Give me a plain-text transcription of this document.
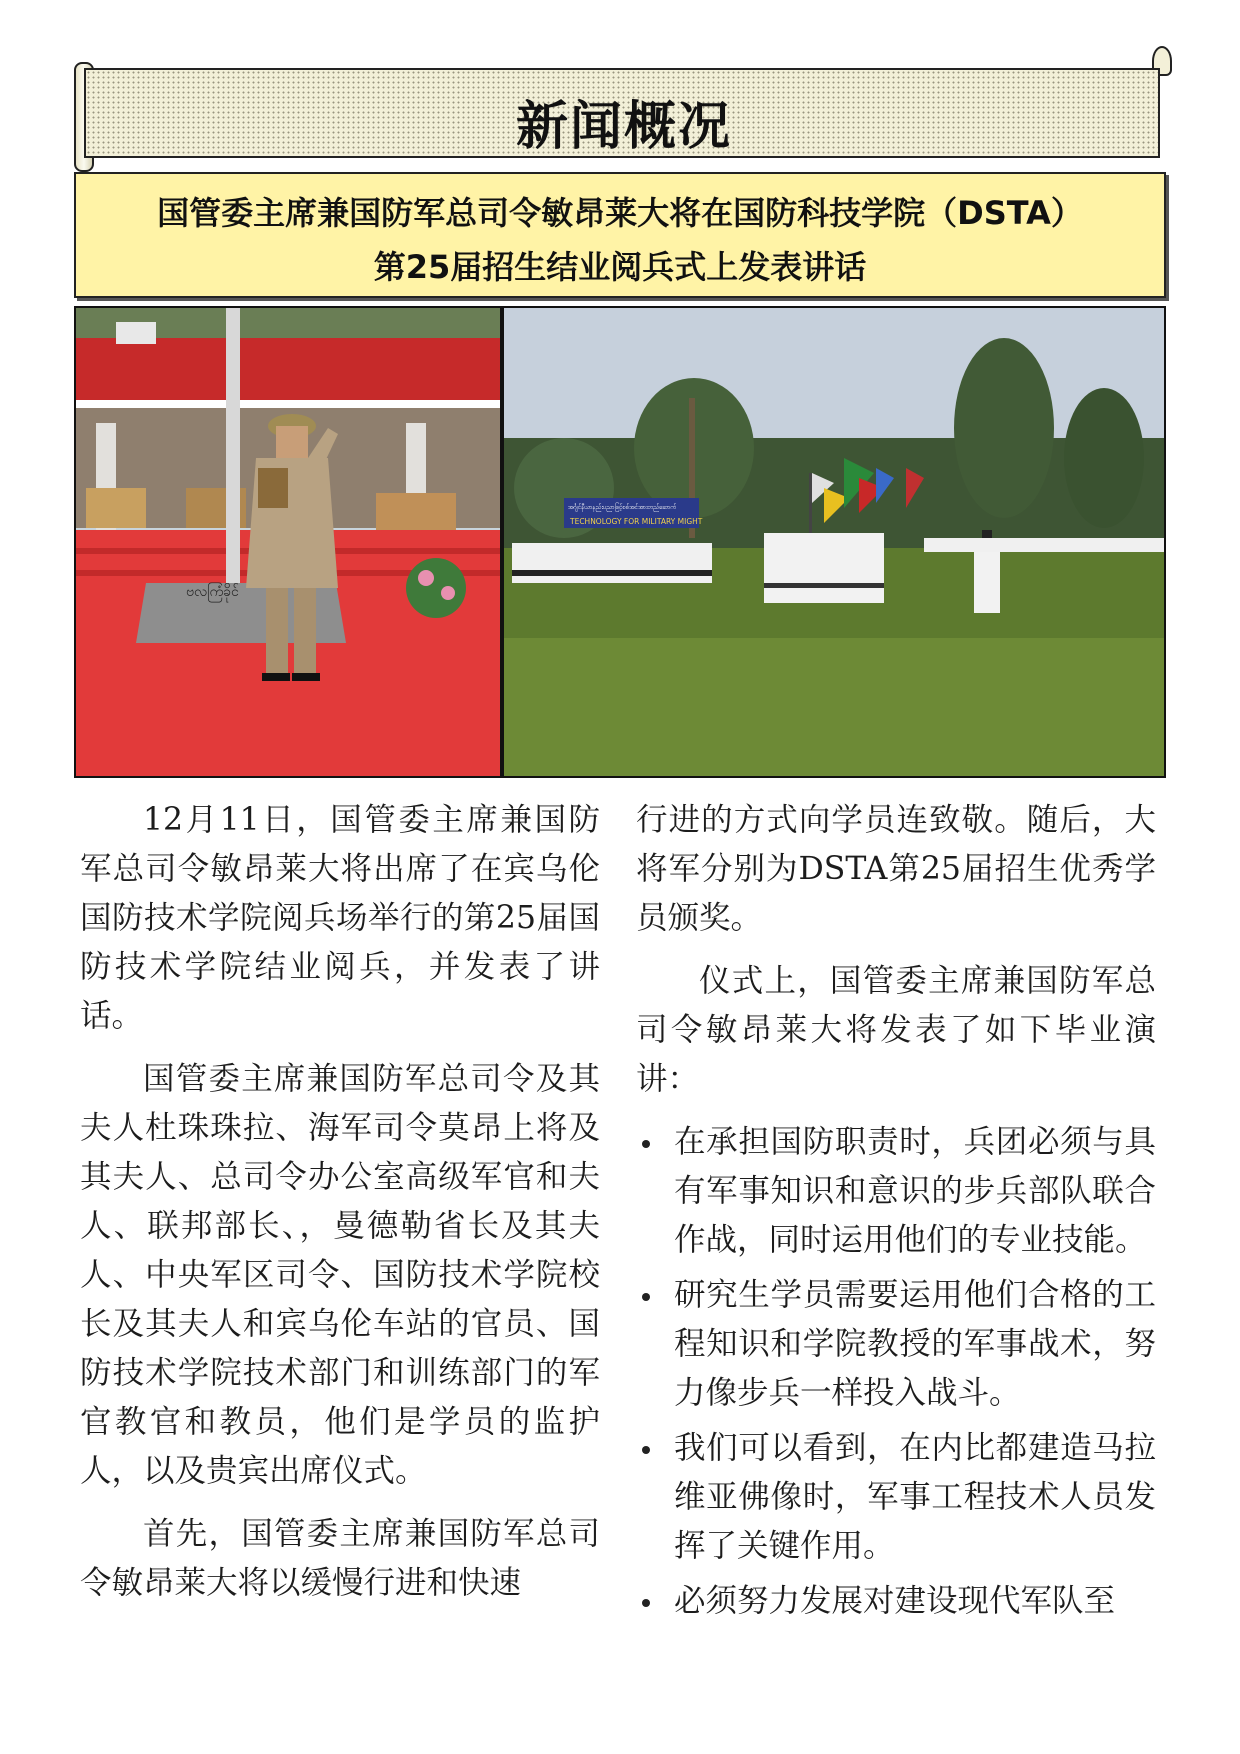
新闻概况
国管委主席兼国防军总司令敏昂莱大将在国防科技学院（DSTA）
第25届招生结业阅兵式上发表讲话
ဗလကြံခိုင်
အင်္ဂျင်နီယာနည်းပညာဖြင့်စစ်အင်အားတည်ဆောက်
TECHNOLOGY FOR MILITARY MIGHT

12月11日，国管委主席兼国防军总司令敏昂莱大将出席了在宾乌伦国防技术学院阅兵场举行的第25届国防技术学院结业阅兵，并发表了讲话。

国管委主席兼国防军总司令及其夫人杜珠珠拉、海军司令莫昂上将及其夫人、总司令办公室高级军官和夫人、联邦部长、，曼德勒省长及其夫人、中央军区司令、国防技术学院校长及其夫人和宾乌伦车站的官员、国防技术学院技术部门和训练部门的军官教官和教员，他们是学员的监护人，以及贵宾出席仪式。

首先，国管委主席兼国防军总司令敏昂莱大将以缓慢行进和快速

行进的方式向学员连致敬。随后，大将军分别为DSTA第25届招生优秀学员颁奖。

仪式上，国管委主席兼国防军总司令敏昂莱大将发表了如下毕业演讲：

在承担国防职责时，兵团必须与具有军事知识和意识的步兵部队联合作战，同时运用他们的专业技能。
研究生学员需要运用他们合格的工程知识和学院教授的军事战术，努力像步兵一样投入战斗。
我们可以看到，在内比都建造马拉维亚佛像时，军事工程技术人员发挥了关键作用。
必须努力发展对建设现代军队至
